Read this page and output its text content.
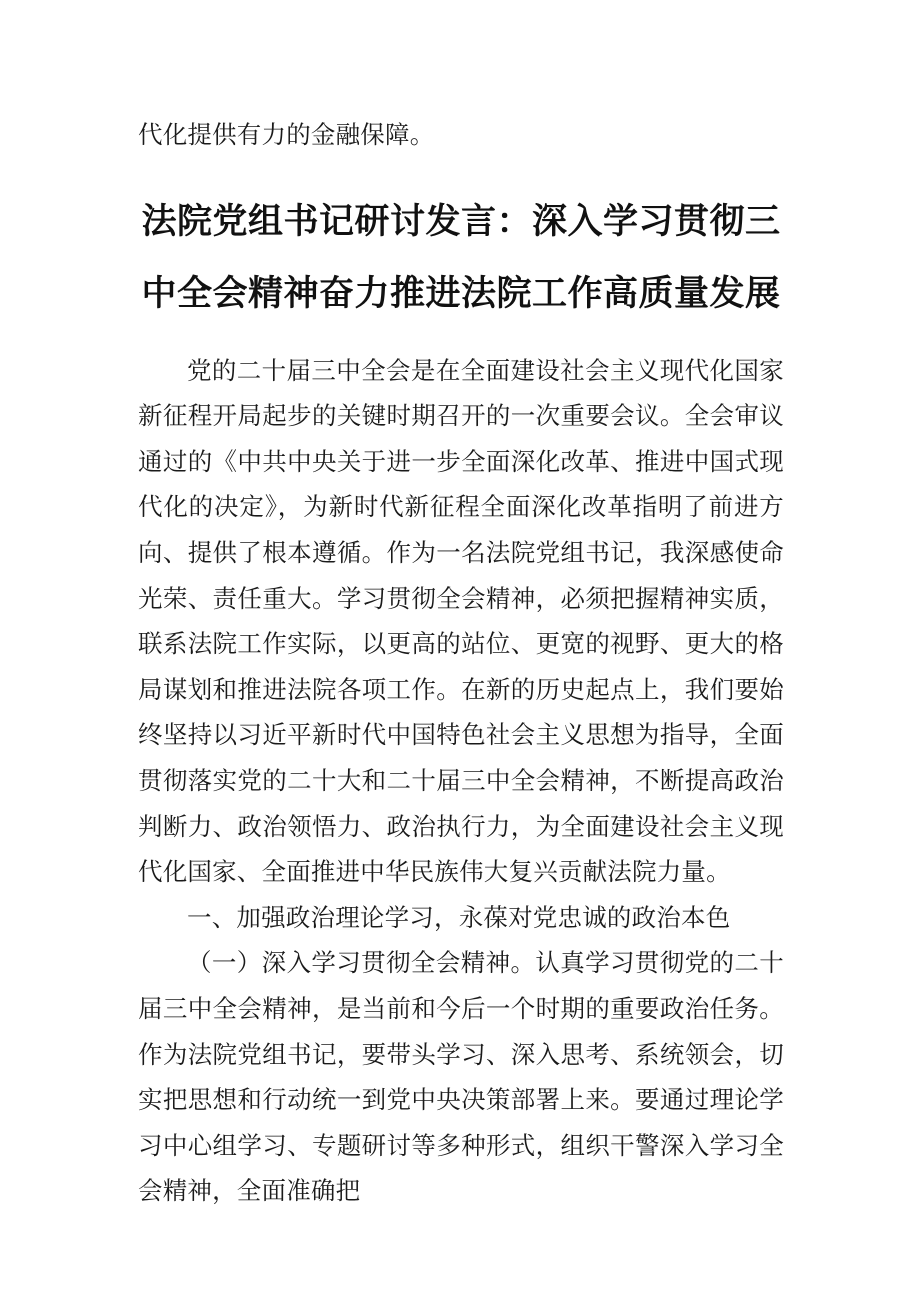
代化提供有力的金融保障。

法院党组书记研讨发言：深入学习贯彻三
中全会精神奋力推进法院工作高质量发展

党的二十届三中全会是在全面建设社会主义现代化国家新征程开局起步的关键时期召开的一次重要会议。全会审议通过的《中共中央关于进一步全面深化改革、推进中国式现代化的决定》，为新时代新征程全面深化改革指明了前进方向、提供了根本遵循。作为一名法院党组书记，我深感使命光荣、责任重大。学习贯彻全会精神，必须把握精神实质，联系法院工作实际，以更高的站位、更宽的视野、更大的格局谋划和推进法院各项工作。在新的历史起点上，我们要始终坚持以习近平新时代中国特色社会主义思想为指导，全面贯彻落实党的二十大和二十届三中全会精神，不断提高政治判断力、政治领悟力、政治执行力，为全面建设社会主义现代化国家、全面推进中华民族伟大复兴贡献法院力量。

一、加强政治理论学习，永葆对党忠诚的政治本色

（一）深入学习贯彻全会精神。认真学习贯彻党的二十届三中全会精神，是当前和今后一个时期的重要政治任务。作为法院党组书记，要带头学习、深入思考、系统领会，切实把思想和行动统一到党中央决策部署上来。要通过理论学习中心组学习、专题研讨等多种形式，组织干警深入学习全会精神，全面准确把
